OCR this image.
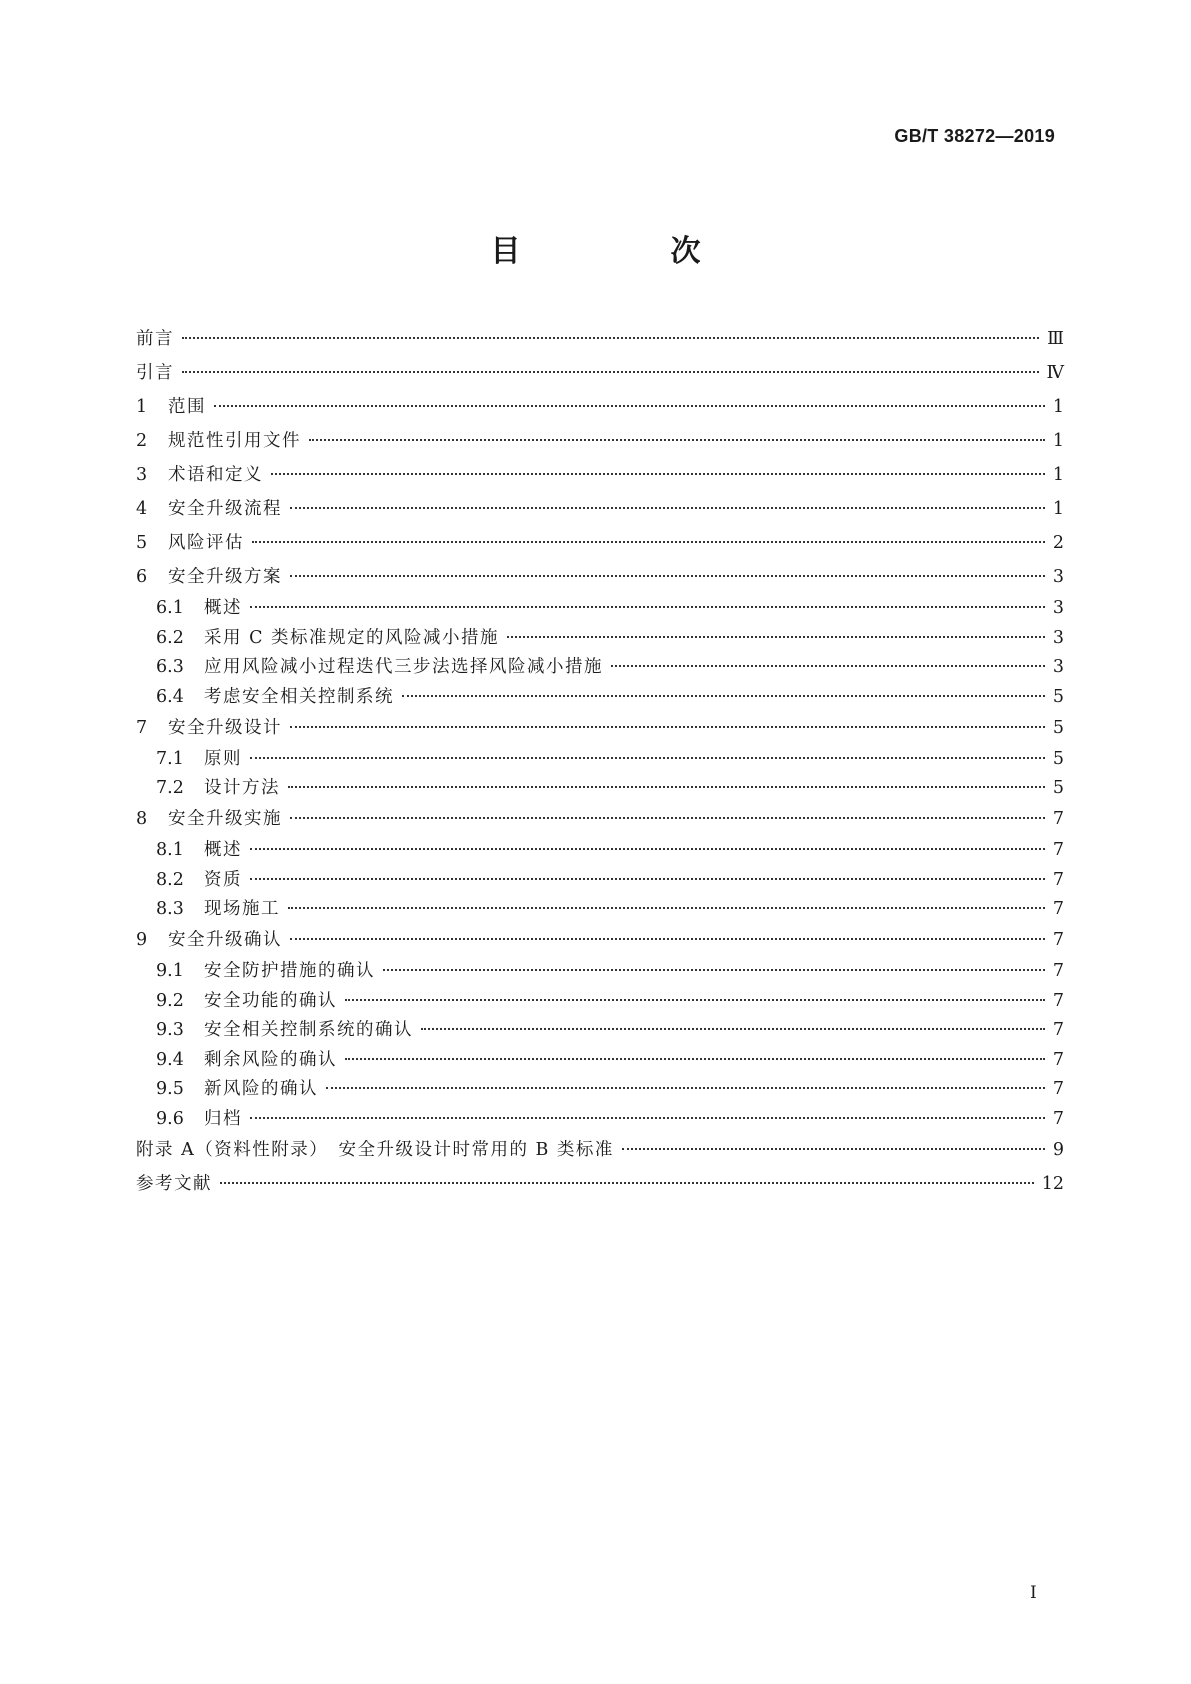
GB/T 38272—2019
目　次
前言	Ⅲ
引言	Ⅳ
1	范围	1
2	规范性引用文件	1
3	术语和定义	1
4	安全升级流程	1
5	风险评估	2
6	安全升级方案	3
6.1	概述	3
6.2	采用 C 类标准规定的风险减小措施	3
6.3	应用风险减小过程迭代三步法选择风险减小措施	3
6.4	考虑安全相关控制系统	5
7	安全升级设计	5
7.1	原则	5
7.2	设计方法	5
8	安全升级实施	7
8.1	概述	7
8.2	资质	7
8.3	现场施工	7
9	安全升级确认	7
9.1	安全防护措施的确认	7
9.2	安全功能的确认	7
9.3	安全相关控制系统的确认	7
9.4	剩余风险的确认	7
9.5	新风险的确认	7
9.6	归档	7
附录 A（资料性附录）　安全升级设计时常用的 B 类标准	9
参考文献	12
I
